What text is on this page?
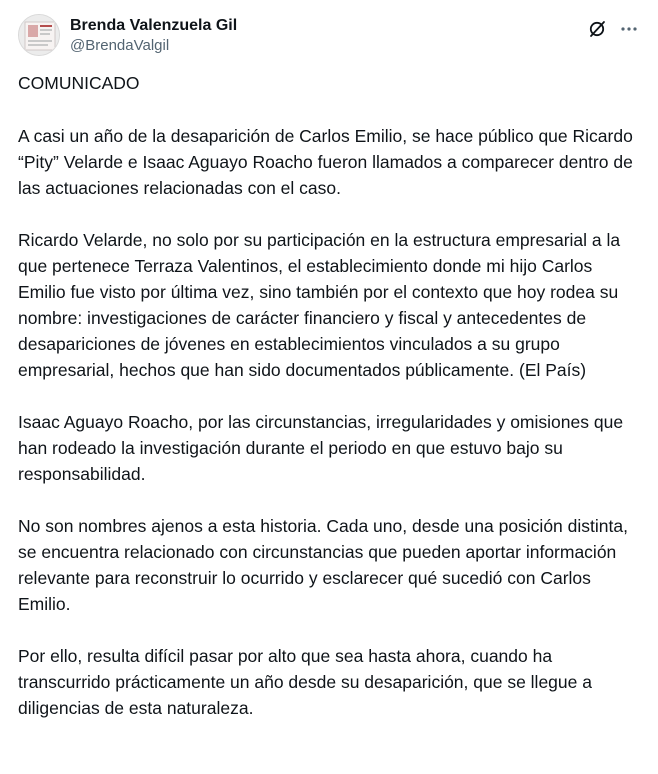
Brenda Valenzuela Gil
@BrendaValgil

COMUNICADO

A casi un año de la desaparición de Carlos Emilio, se hace público que Ricardo “Pity” Velarde e Isaac Aguayo Roacho fueron llamados a comparecer dentro de las actuaciones relacionadas con el caso.

Ricardo Velarde, no solo por su participación en la estructura empresarial a la que pertenece Terraza Valentinos, el establecimiento donde mi hijo Carlos Emilio fue visto por última vez, sino también por el contexto que hoy rodea su nombre: investigaciones de carácter financiero y fiscal y antecedentes de desapariciones de jóvenes en establecimientos vinculados a su grupo empresarial, hechos que han sido documentados públicamente. (El País)

Isaac Aguayo Roacho, por las circunstancias, irregularidades y omisiones que han rodeado la investigación durante el periodo en que estuvo bajo su responsabilidad.

No son nombres ajenos a esta historia. Cada uno, desde una posición distinta, se encuentra relacionado con circunstancias que pueden aportar información relevante para reconstruir lo ocurrido y esclarecer qué sucedió con Carlos Emilio.

Por ello, resulta difícil pasar por alto que sea hasta ahora, cuando ha transcurrido prácticamente un año desde su desaparición, que se llegue a diligencias de esta naturaleza.
